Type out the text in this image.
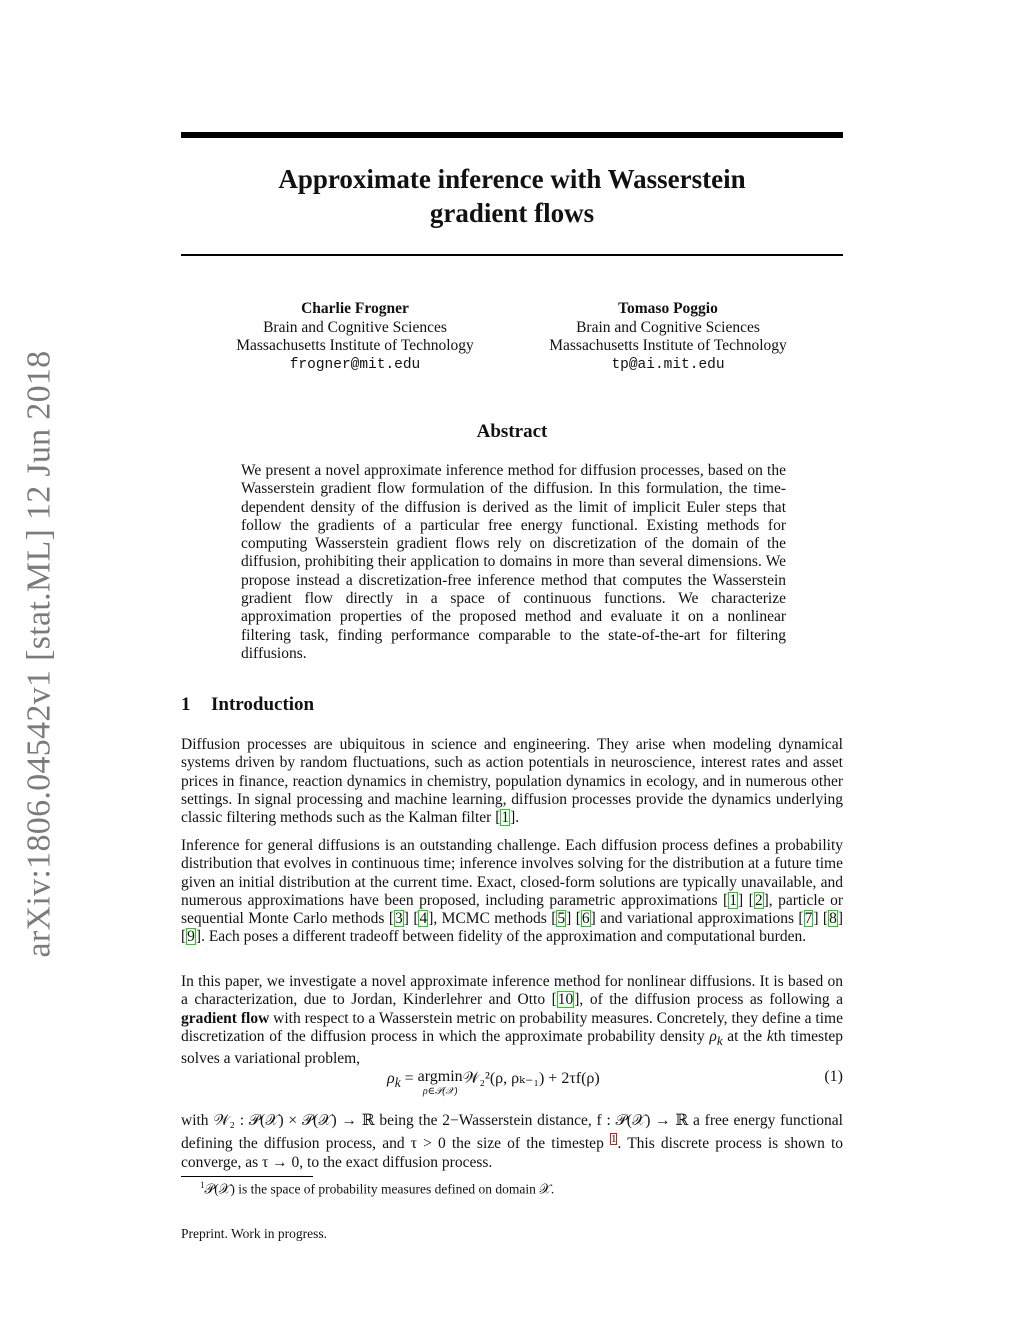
arXiv:1806.04542v1 [stat.ML] 12 Jun 2018
Approximate inference with Wasserstein
gradient flows
Charlie Frogner
Brain and Cognitive Sciences
Massachusetts Institute of Technology
frogner@mit.edu
Tomaso Poggio
Brain and Cognitive Sciences
Massachusetts Institute of Technology
tp@ai.mit.edu
Abstract

We present a novel approximate inference method for diffusion processes, based on the Wasserstein gradient flow formulation of the diffusion. In this formulation, the time-dependent density of the diffusion is derived as the limit of implicit Euler steps that follow the gradients of a particular free energy functional. Existing methods for computing Wasserstein gradient flows rely on discretization of the domain of the diffusion, prohibiting their application to domains in more than several dimensions. We propose instead a discretization-free inference method that computes the Wasserstein gradient flow directly in a space of continuous functions. We characterize approximation properties of the proposed method and evaluate it on a nonlinear filtering task, finding performance comparable to the state-of-the-art for filtering diffusions.

1 Introduction

Diffusion processes are ubiquitous in science and engineering. They arise when modeling dynamical systems driven by random fluctuations, such as action potentials in neuroscience, interest rates and asset prices in finance, reaction dynamics in chemistry, population dynamics in ecology, and in numerous other settings. In signal processing and machine learning, diffusion processes provide the dynamics underlying classic filtering methods such as the Kalman filter [1].

Inference for general diffusions is an outstanding challenge. Each diffusion process defines a probability distribution that evolves in continuous time; inference involves solving for the distribution at a future time given an initial distribution at the current time. Exact, closed-form solutions are typically unavailable, and numerous approximations have been proposed, including parametric approximations [1] [2], particle or sequential Monte Carlo methods [3] [4], MCMC methods [5] [6] and variational approximations [7] [8] [9]. Each poses a different tradeoff between fidelity of the approximation and computational burden.

In this paper, we investigate a novel approximate inference method for nonlinear diffusions. It is based on a characterization, due to Jordan, Kinderlehrer and Otto [10], of the diffusion process as following a gradient flow with respect to a Wasserstein metric on probability measures. Concretely, they define a time discretization of the diffusion process in which the approximate probability density $\rho_k$ at the kth timestep solves a variational problem,

$\rho_k = argmin$
ρ∈𝒫(𝒳)
𝒲₂²(ρ, ρₖ₋₁) + 2τf(ρ)	(1)

with 𝒲₂ : 𝒫(𝒳) × 𝒫(𝒳) → ℝ being the 2−Wasserstein distance, f : 𝒫(𝒳) → ℝ a free energy functional defining the diffusion process, and τ > 0 the size of the timestep $^1$. This discrete process is shown to converge, as τ → 0, to the exact diffusion process.

$^1$𝒫(𝒳) is the space of probability measures defined on domain 𝒳.

Preprint. Work in progress.
